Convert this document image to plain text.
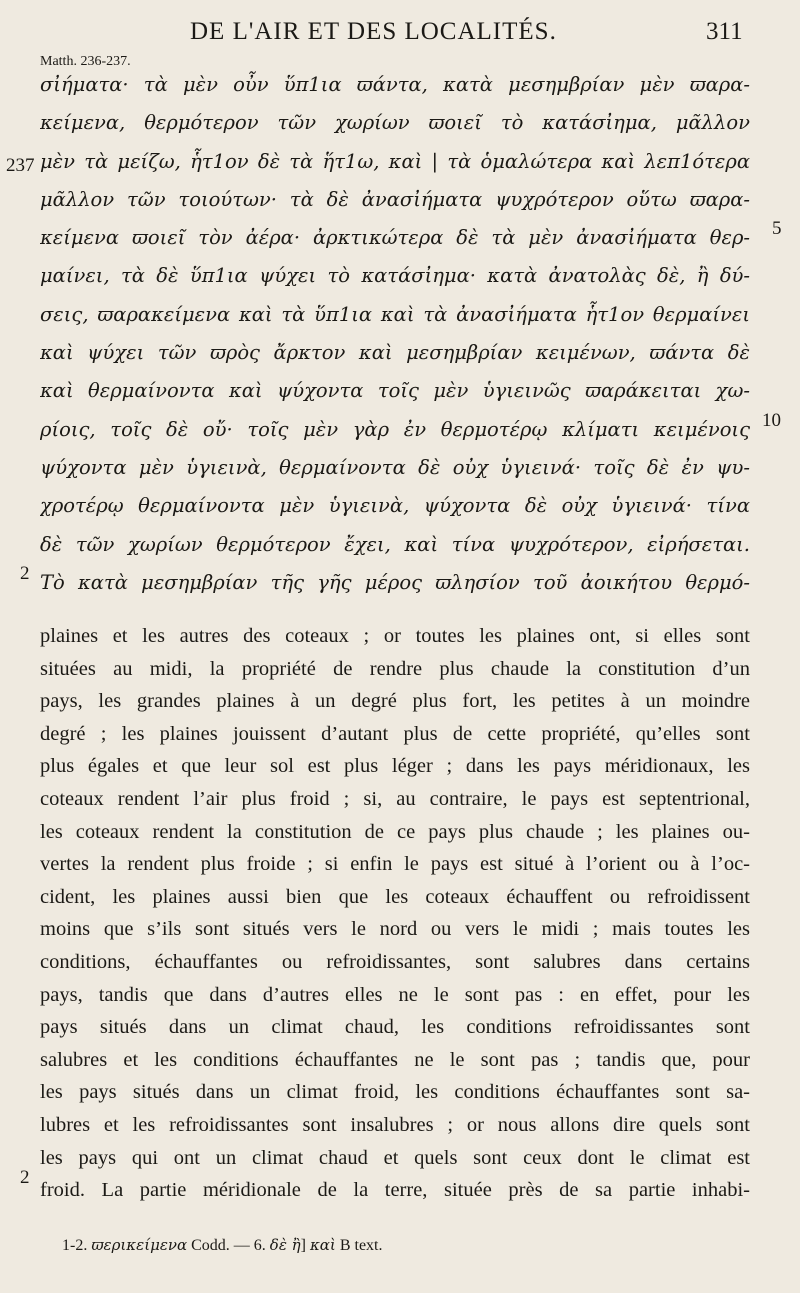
DE L'AIR ET DES LOCALITÉS.	311
Matth. 236-237.
σἰήματα· τὰ μὲν οὖν ὕπ1ια ϖάντα, κατὰ μεσημβρίαν μὲν ϖαρα-
κείμενα, θερμότερον τῶν χωρίων ϖοιεῖ τὸ κατάσἰημα, μᾶλλον
μὲν τὰ μείζω, ἧτ1ον δὲ τὰ ἥτ1ω, καὶ | τὰ ὁμαλώτερα καὶ λεπ1ότερα
μᾶλλον τῶν τοιούτων· τὰ δὲ ἀνασἰήματα ψυχρότερον οὕτω ϖαρα-
κείμενα ϖοιεῖ τὸν ἀέρα· ἀρκτικώτερα δὲ τὰ μὲν ἀνασἰήματα θερ-
μαίνει, τὰ δὲ ὕπ1ια ψύχει τὸ κατάσἰημα· κατὰ ἀνατολὰς δὲ, ἢ δύ-
σεις, ϖαρακείμενα καὶ τὰ ὕπ1ια καὶ τὰ ἀνασἰήματα ἧτ1ον θερμαίνει
καὶ ψύχει τῶν ϖρὸς ἄρκτον καὶ μεσημβρίαν κειμένων, ϖάντα δὲ
καὶ θερμαίνοντα καὶ ψύχοντα τοῖς μὲν ὑγιεινῶς ϖαράκειται χω-
ρίοις, τοῖς δὲ οὔ· τοῖς μὲν γὰρ ἐν θερμοτέρῳ κλίματι κειμένοις
ψύχοντα μὲν ὑγιεινὰ, θερμαίνοντα δὲ οὐχ ὑγιεινά· τοῖς δὲ ἐν ψυ-
χροτέρῳ θερμαίνοντα μὲν ὑγιεινὰ, ψύχοντα δὲ οὐχ ὑγιεινά· τίνα
δὲ τῶν χωρίων θερμότερον ἔχει, καὶ τίνα ψυχρότερον, εἰρήσεται.
Τὸ κατὰ μεσημβρίαν τῆς γῆς μέρος ϖλησίον τοῦ ἀοικήτου θερμό-
237
5
10
2
plaines et les autres des coteaux ; or toutes les plaines ont, si elles sont
situées au midi, la propriété de rendre plus chaude la constitution d’un
pays, les grandes plaines à un degré plus fort, les petites à un moindre
degré ; les plaines jouissent d’autant plus de cette propriété, qu’elles sont
plus égales et que leur sol est plus léger ; dans les pays méridionaux, les
coteaux rendent l’air plus froid ; si, au contraire, le pays est septentrional,
les coteaux rendent la constitution de ce pays plus chaude ; les plaines ou-
vertes la rendent plus froide ; si enfin le pays est situé à l’orient ou à l’oc-
cident, les plaines aussi bien que les coteaux échauffent ou refroidissent
moins que s’ils sont situés vers le nord ou vers le midi ; mais toutes les
conditions, échauffantes ou refroidissantes, sont salubres dans certains
pays, tandis que dans d’autres elles ne le sont pas : en effet, pour les
pays situés dans un climat chaud, les conditions refroidissantes sont
salubres et les conditions échauffantes ne le sont pas ; tandis que, pour
les pays situés dans un climat froid, les conditions échauffantes sont sa-
lubres et les refroidissantes sont insalubres ; or nous allons dire quels sont
les pays qui ont un climat chaud et quels sont ceux dont le climat est
froid. La partie méridionale de la terre, située près de sa partie inhabi-
2
1-2. ϖερικείμενα Codd. — 6. δὲ ἢ] καὶ B text.
